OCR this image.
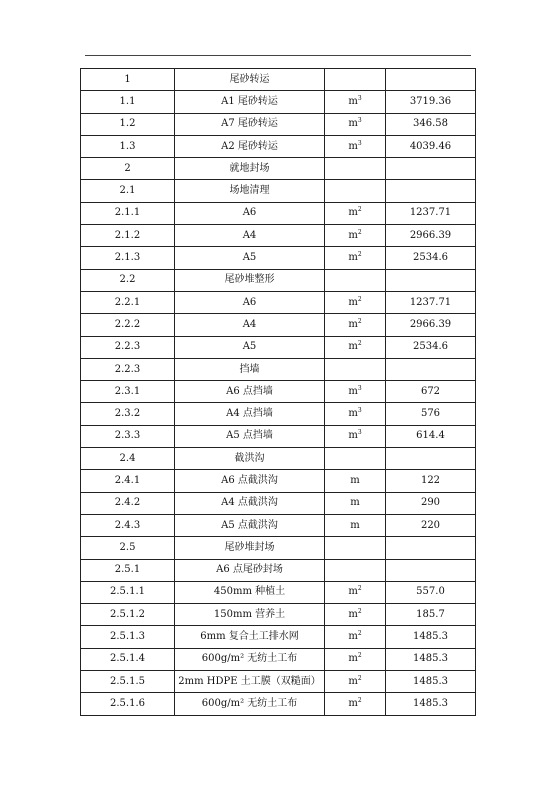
1	尾砂转运		
1.1	A1 尾砂转运	$m^3$	3719.36
1.2	A7 尾砂转运	$m^3$	346.58
1.3	A2 尾砂转运	$m^3$	4039.46
2	就地封场		
2.1	场地清理		
2.1.1	A6	$m^2$	1237.71
2.1.2	A4	$m^2$	2966.39
2.1.3	A5	$m^2$	2534.6
2.2	尾砂堆整形		
2.2.1	A6	$m^2$	1237.71
2.2.2	A4	$m^2$	2966.39
2.2.3	A5	$m^2$	2534.6
2.2.3	挡墙		
2.3.1	A6 点挡墙	$m^3$	672
2.3.2	A4 点挡墙	$m^3$	576
2.3.3	A5 点挡墙	$m^3$	614.4
2.4	截洪沟		
2.4.1	A6 点截洪沟	m	122
2.4.2	A4 点截洪沟	m	290
2.4.3	A5 点截洪沟	m	220
2.5	尾砂堆封场		
2.5.1	A6 点尾砂封场		
2.5.1.1	450mm 种植土	$m^2$	557.0
2.5.1.2	150mm 营养土	$m^2$	185.7
2.5.1.3	6mm 复合土工排水网	$m^2$	1485.3
2.5.1.4	600g/m² 无纺土工布	$m^2$	1485.3
2.5.1.5	2mm HDPE 土工膜（双糙面）	$m^2$	1485.3
2.5.1.6	600g/m² 无纺土工布	$m^2$	1485.3
